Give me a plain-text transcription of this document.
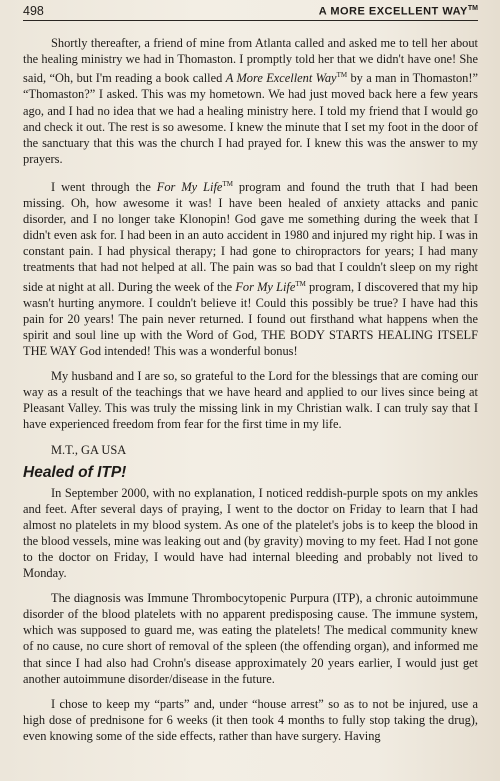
498	A MORE EXCELLENT WAY™

Shortly thereafter, a friend of mine from Atlanta called and asked me to tell her about the healing ministry we had in Thomaston. I promptly told her that we didn't have one! She said, “Oh, but I'm reading a book called A More Excellent Way™ by a man in Thomaston!” “Thomaston?” I asked. This was my hometown. We had just moved back here a few years ago, and I had no idea that we had a healing ministry here. I told my friend that I would go and check it out. The rest is so awesome. I knew the minute that I set my foot in the door of the sanctuary that this was the church I had prayed for. I knew this was the answer to my prayers.

I went through the For My Life™ program and found the truth that I had been missing. Oh, how awesome it was! I have been healed of anxiety attacks and panic disorder, and I no longer take Klonopin! God gave me something during the week that I didn't even ask for. I had been in an auto accident in 1980 and injured my right hip. I was in constant pain. I had physical therapy; I had gone to chiropractors for years; I had many treatments that had not helped at all. The pain was so bad that I couldn't sleep on my right side at night at all. During the week of the For My Life™ program, I discovered that my hip wasn't hurting anymore. I couldn't believe it! Could this possibly be true? I have had this pain for 20 years! The pain never returned. I found out firsthand what happens when the spirit and soul line up with the Word of God, THE BODY STARTS HEALING ITSELF THE WAY God intended! This was a wonderful bonus!

My husband and I are so, so grateful to the Lord for the blessings that are coming our way as a result of the teachings that we have heard and applied to our lives since being at Pleasant Valley. This was truly the missing link in my Christian walk. I can truly say that I have experienced freedom from fear for the first time in my life.

M.T., GA USA

Healed of ITP!

In September 2000, with no explanation, I noticed reddish-purple spots on my ankles and feet. After several days of praying, I went to the doctor on Friday to learn that I had almost no platelets in my blood system. As one of the platelet's jobs is to keep the blood in the blood vessels, mine was leaking out and (by gravity) moving to my feet. Had I not gone to the doctor on Friday, I would have had internal bleeding and probably not lived to Monday.

The diagnosis was Immune Thrombocytopenic Purpura (ITP), a chronic autoimmune disorder of the blood platelets with no apparent predisposing cause. The immune system, which was supposed to guard me, was eating the platelets! The medical community knew of no cause, no cure short of removal of the spleen (the offending organ), and informed me that since I had also had Crohn's disease approximately 20 years earlier, I would just get another autoimmune disorder/disease in the future.

I chose to keep my “parts” and, under “house arrest” so as to not be injured, use a high dose of prednisone for 6 weeks (it then took 4 months to fully stop taking the drug), even knowing some of the side effects, rather than have surgery. Having
